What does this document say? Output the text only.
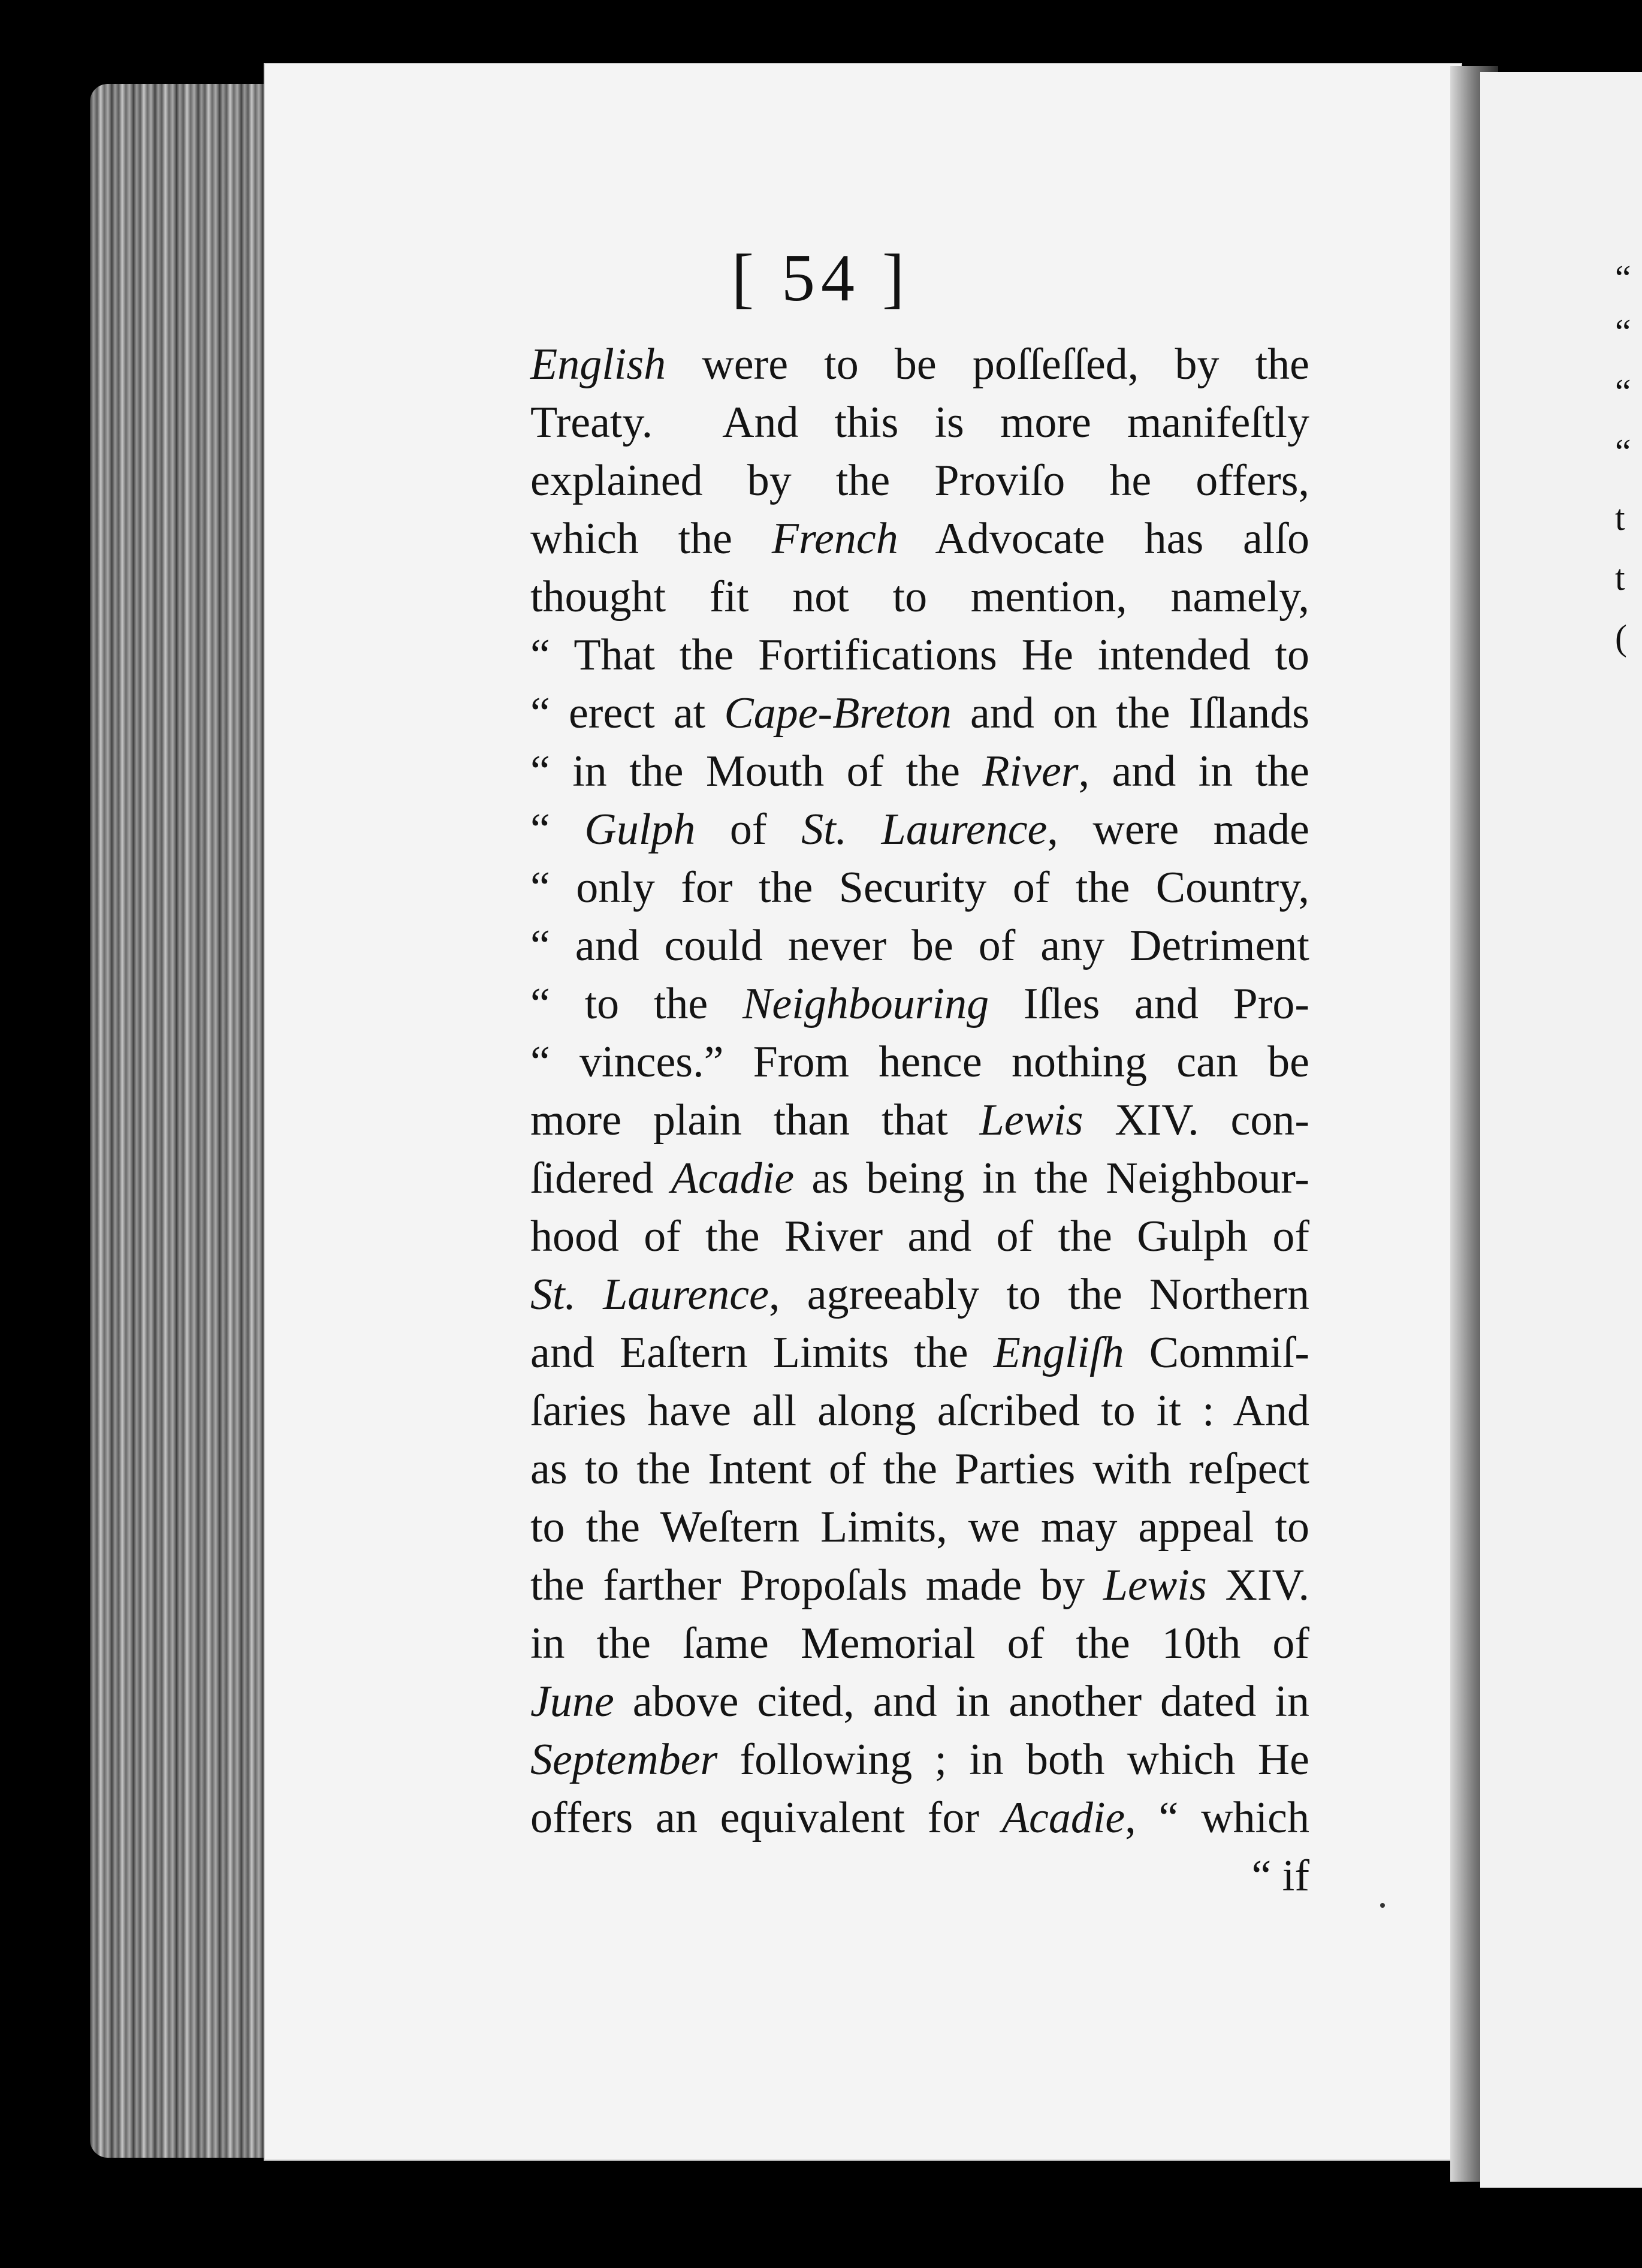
[ 54 ]
English were to be poſſeſſed, by the
Treaty.  And this is more manifeſtly
explained by the Proviſo he offers,
which the French Advocate has alſo
thought fit not to mention, namely,
“ That the Fortifications He intended to
“ erect at Cape-Breton and on the Iſlands
“ in the Mouth of the River, and in the
“ Gulph of St. Laurence, were made
“ only for the Security of the Country,
“ and could never be of any Detriment
“ to the Neighbouring Iſles and Pro-
“ vinces.” From hence nothing can be
more plain than that Lewis XIV. con-
ſidered Acadie as being in the Neighbour-
hood of the River and of the Gulph of
St. Laurence, agreeably to the Northern
and Eaſtern Limits the Engliſh Commiſ-
ſaries have all along aſcribed to it : And
as to the Intent of the Parties with reſpect
to the Weſtern Limits, we may appeal to
the farther Propoſals made by Lewis XIV.
in the ſame Memorial of the 10th of
June above cited, and in another dated in
September following ; in both which He
offers an equivalent for Acadie, “ which
“ if
“
“
“
“
t
t
(
